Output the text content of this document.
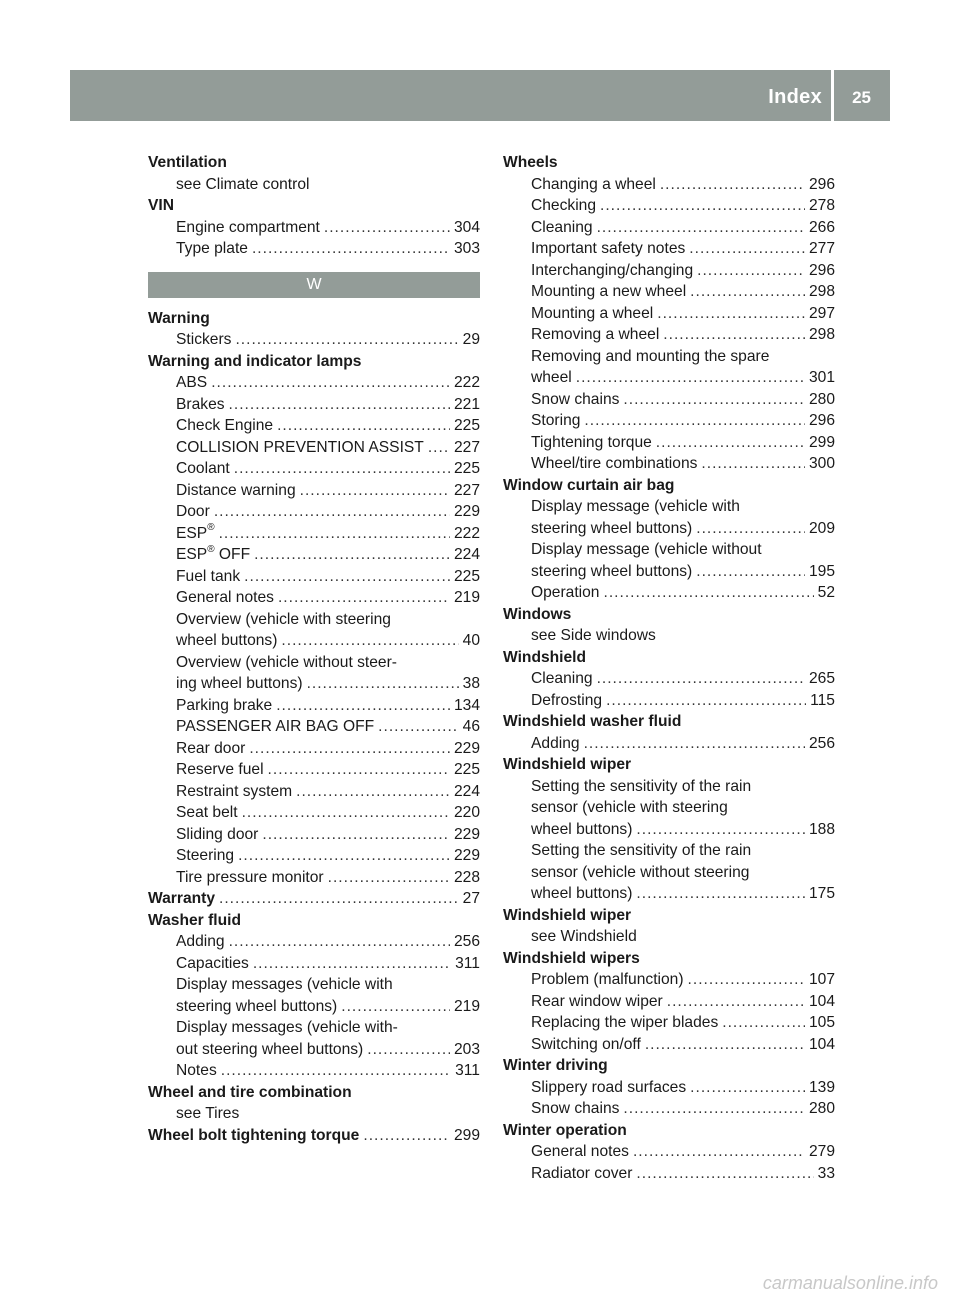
Index 25
Ventilation
see Climate control
VIN
Engine compartment .....	304
Type plate .....	303
W
Warning
Stickers .....	29
Warning and indicator lamps
ABS .....	222
Brakes .....	221
Check Engine .....	225
COLLISION PREVENTION ASSIST ..... 227
Coolant .....	225
Distance warning .....	227
Door .....	229
ESP® .....	222
ESP® OFF .....	224
Fuel tank .....	225
General notes .....	219
Overview (vehicle with steering
wheel buttons) .....	40
Overview (vehicle without steer-
ing wheel buttons) .....	38
Parking brake .....	134
PASSENGER AIR BAG OFF .....	46
Rear door .....	229
Reserve fuel .....	225
Restraint system .....	224
Seat belt .....	220
Sliding door .....	229
Steering .....	229
Tire pressure monitor .....	228
Warranty .....	27
Washer fluid
Adding .....	256
Capacities .....	311
Display messages (vehicle with
steering wheel buttons) .....	219
Display messages (vehicle with-
out steering wheel buttons) .....	203
Notes .....	311
Wheel and tire combination
see Tires
Wheel bolt tightening torque .....	299
Wheels
Changing a wheel .....	296
Checking .....	278
Cleaning .....	266
Important safety notes .....	277
Interchanging/changing .....	296
Mounting a new wheel .....	298
Mounting a wheel .....	297
Removing a wheel .....	298
Removing and mounting the spare
wheel .....	301
Snow chains .....	280
Storing .....	296
Tightening torque .....	299
Wheel/tire combinations .....	300
Window curtain air bag
Display message (vehicle with
steering wheel buttons) .....	209
Display message (vehicle without
steering wheel buttons) .....	195
Operation .....	52
Windows
see Side windows
Windshield
Cleaning .....	265
Defrosting .....	115
Windshield washer fluid
Adding .....	256
Windshield wiper
Setting the sensitivity of the rain
sensor (vehicle with steering
wheel buttons) .....	188
Setting the sensitivity of the rain
sensor (vehicle without steering
wheel buttons) .....	175
Windshield wiper
see Windshield
Windshield wipers
Problem (malfunction) .....	107
Rear window wiper .....	104
Replacing the wiper blades .....	105
Switching on/off .....	104
Winter driving
Slippery road surfaces .....	139
Snow chains .....	280
Winter operation
General notes .....	279
Radiator cover .....	33
carmanualsonline.info
